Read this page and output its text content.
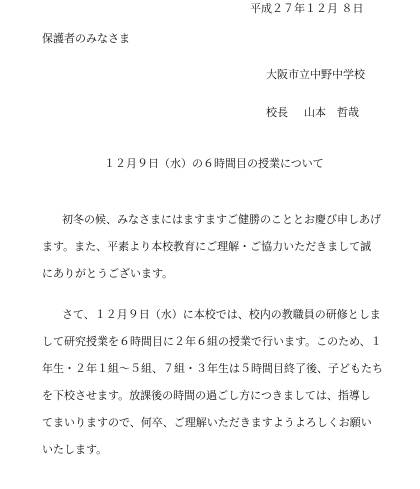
平成２７年１２月 ８日
保護者のみなさま
大阪市立中野中学校
校長 山本　哲哉
１２月９日（水）の６時間目の授業について
初冬の候、みなさまにはますますご健勝のこととお慶び申しあげ
ます。また、平素より本校教育にご理解・ご協力いただきまして誠
にありがとうございます。
さて、１２月９日（水）に本校では、校内の教職員の研修としま
して研究授業を６時間目に２年６組の授業で行います。このため、１
年生・２年１組～５組、７組・３年生は５時間目終了後、子どもたち
を下校させます。放課後の時間の過ごし方につきましては、指導し
てまいりますので、何卒、ご理解いただきますようよろしくお願い
いたします。
